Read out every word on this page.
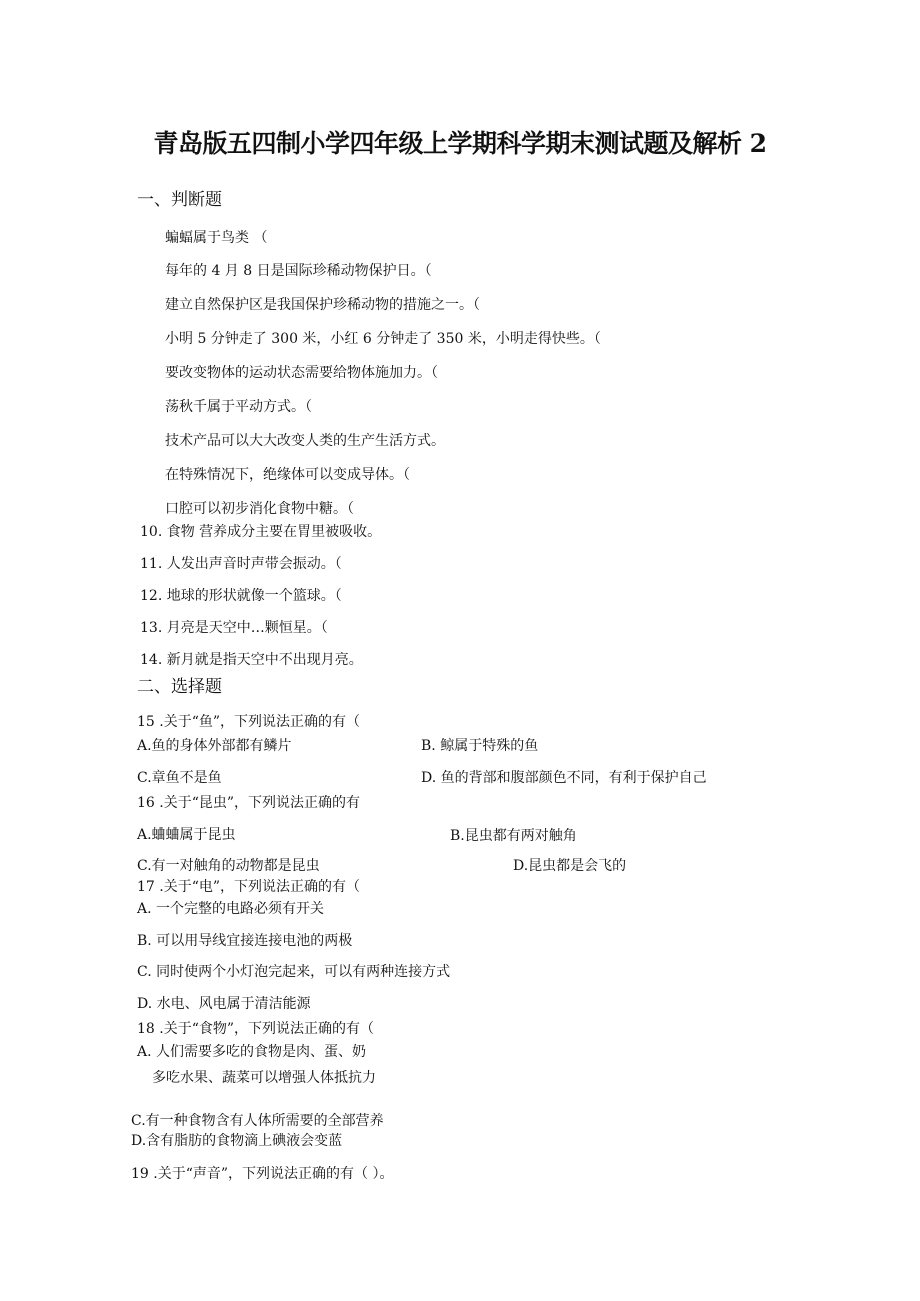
青岛版五四制小学四年级上学期科学期末测试题及解析 2
一、判断题
蝙蝠属于鸟类 （
每年的 4 月 8 日是国际珍稀动物保护日。（
建立自然保护区是我国保护珍稀动物的措施之一。（
小明 5 分钟走了 300 米，小红 6 分钟走了 350 米，小明走得快些。（
要改变物体的运动状态需要给物体施加力。（
荡秋千属于平动方式。（
技术产品可以大大改变人类的生产生活方式。
在特殊情况下，绝缘体可以变成导体。（
口腔可以初步消化食物中糖。（
10. 食物 营养成分主要在胃里被吸收。
11. 人发出声音时声带会振动。（
12. 地球的形状就像一个篮球。（
13. 月亮是天空中…颗恒星。（
14. 新月就是指天空中不出现月亮。
二、选择题
15 .关于“鱼”，下列说法正确的有（
A.鱼的身体外部都有鳞片	B. 鲸属于特殊的鱼
C.章鱼不是鱼	D. 鱼的背部和腹部颜色不同，有利于保护自己
16 .关于“昆虫”，下列说法正确的有
A.蛐蛐属于昆虫	B.昆虫都有两对触角
C.有一对触角的动物都是昆虫	D.昆虫都是会飞的
17 .关于“电”，下列说法正确的有（
A. 一个完整的电路必须有开关
B. 可以用导线宜接连接电池的两极
C. 同时使两个小灯泡完起来，可以有两种连接方式
D. 水电、风电属于清洁能源
18 .关于“食物”，下列说法正确的有（
A. 人们需要多吃的食物是肉、蛋、奶
多吃水果、蔬菜可以增强人体抵抗力
C.有一种食物含有人体所需要的全部营养
D.含有脂肪的食物滴上碘液会变蓝
19 .关于“声音”，下列说法正确的有（ ）。
